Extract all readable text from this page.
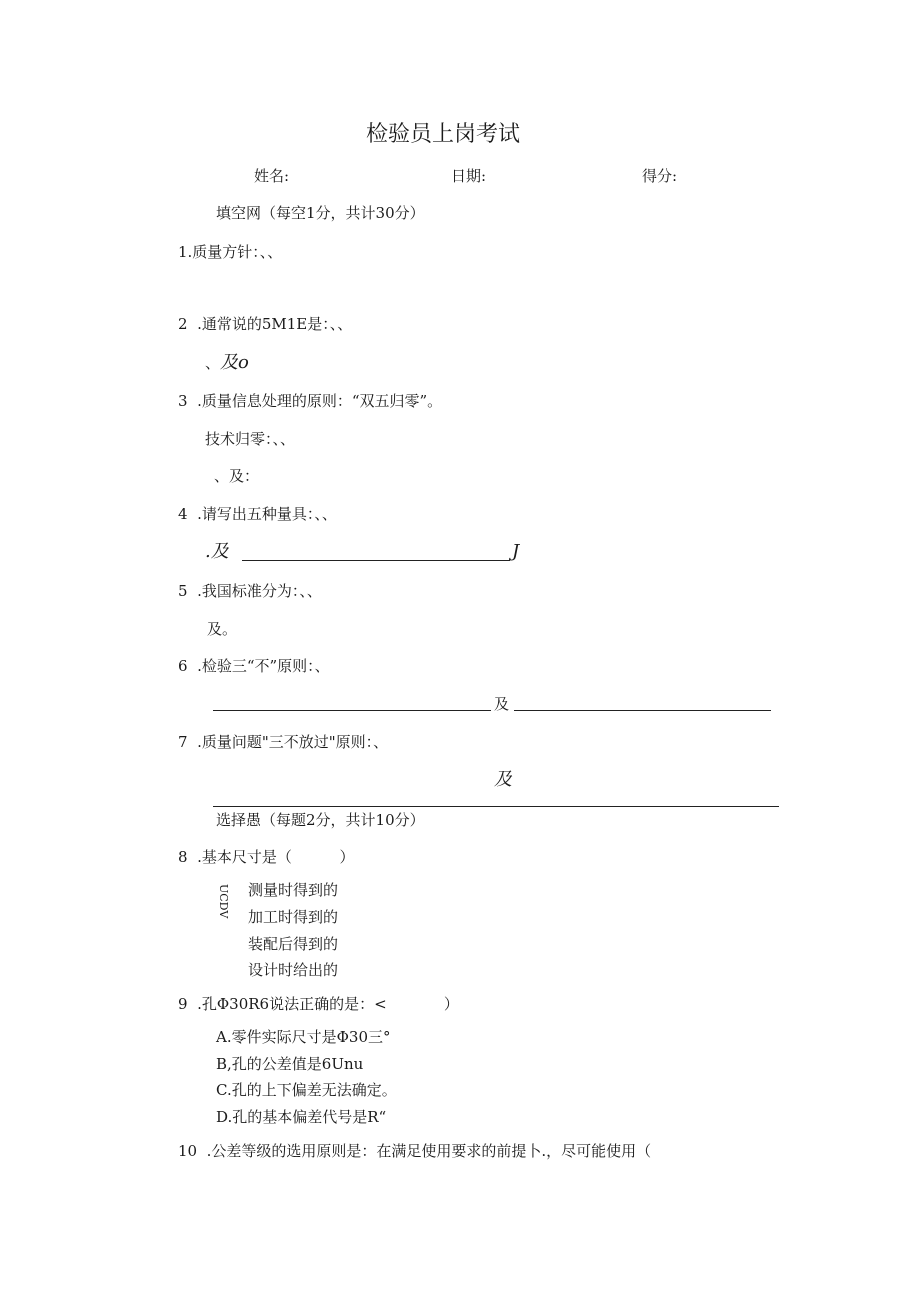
检验员上岗考试
姓名:	日期:	得分:
填空网（每空1分，共计30分）
1.质量方针：、、
2  .通常说的5M1E是：、、
、及o
3  .质量信息处理的原则：“双五归零”。
技术归零：、、
、及：
4  .请写出五种量具：、、
.及	J
5  .我国标准分为：、、
及。
6  .检验三“不”原则：、
及
7  .质量问题"三不放过"原则：、
及
选择愚（每题2分，共计10分）
8  .基本尺寸是（          ）
UCDV 测量时得到的
加工时得到的
装配后得到的
设计时给出的
9  .孔Φ30R6说法正确的是：<            ）
A.零件实际尺寸是Φ30三°
B,孔的公差值是6Unu
C.孔的上下偏差无法确定。
D.孔的基本偏差代号是R“
10  .公差等级的选用原则是：在满足使用要求的前提卜.，尽可能使用（
